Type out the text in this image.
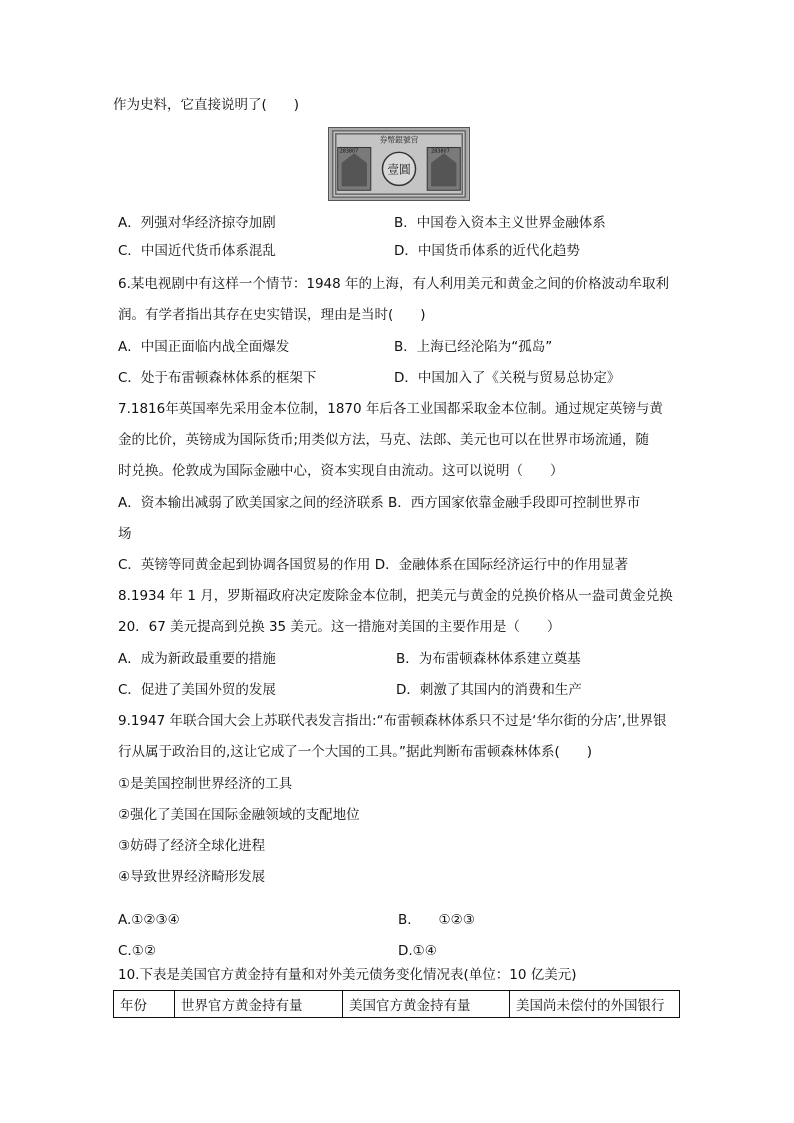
作为史料，它直接说明了(　　)
券幣銀號官
壹圓
283807	283807
A．列强对华经济掠夺加剧	B．中国卷入资本主义世界金融体系
C．中国近代货币体系混乱	D．中国货币体系的近代化趋势
6.某电视剧中有这样一个情节：1948 年的上海，有人利用美元和黄金之间的价格波动牟取利
润。有学者指出其存在史实错误，理由是当时(　　)
A．中国正面临内战全面爆发	B．上海已经沦陷为“孤岛”
C．处于布雷顿森林体系的框架下	D．中国加入了《关税与贸易总协定》
7.1816年英国率先采用金本位制，1870 年后各工业国都采取金本位制。通过规定英镑与黄
金的比价，英镑成为国际货币;用类似方法，马克、法郎、美元也可以在世界市场流通，随
时兑换。伦敦成为国际金融中心，资本实现自由流动。这可以说明（　　）
A．资本输出减弱了欧美国家之间的经济联系 B．西方国家依靠金融手段即可控制世界市
场
C．英镑等同黄金起到协调各国贸易的作用 D．金融体系在国际经济运行中的作用显著
8.1934 年 1 月，罗斯福政府决定废除金本位制，把美元与黄金的兑换价格从一盎司黄金兑换
20．67 美元提高到兑换 35 美元。这一措施对美国的主要作用是（　　）
A．成为新政最重要的措施	B．为布雷顿森林体系建立奠基
C．促进了美国外贸的发展	D．刺激了其国内的消费和生产
9.1947 年联合国大会上苏联代表发言指出:“布雷顿森林体系只不过是‘华尔街的分店’,世界银
行从属于政治目的,这让它成了一个大国的工具。”据此判断布雷顿森林体系(　　)
①是美国控制世界经济的工具
②强化了美国在国际金融领域的支配地位
③妨碍了经济全球化进程
④导致世界经济畸形发展
A.①②③④	B.　　①②③
C.①②	D.①④
10.下表是美国官方黄金持有量和对外美元债务变化情况表(单位：10 亿美元)
年份	世界官方黄金持有量	美国官方黄金持有量	美国尚未偿付的外国银行
